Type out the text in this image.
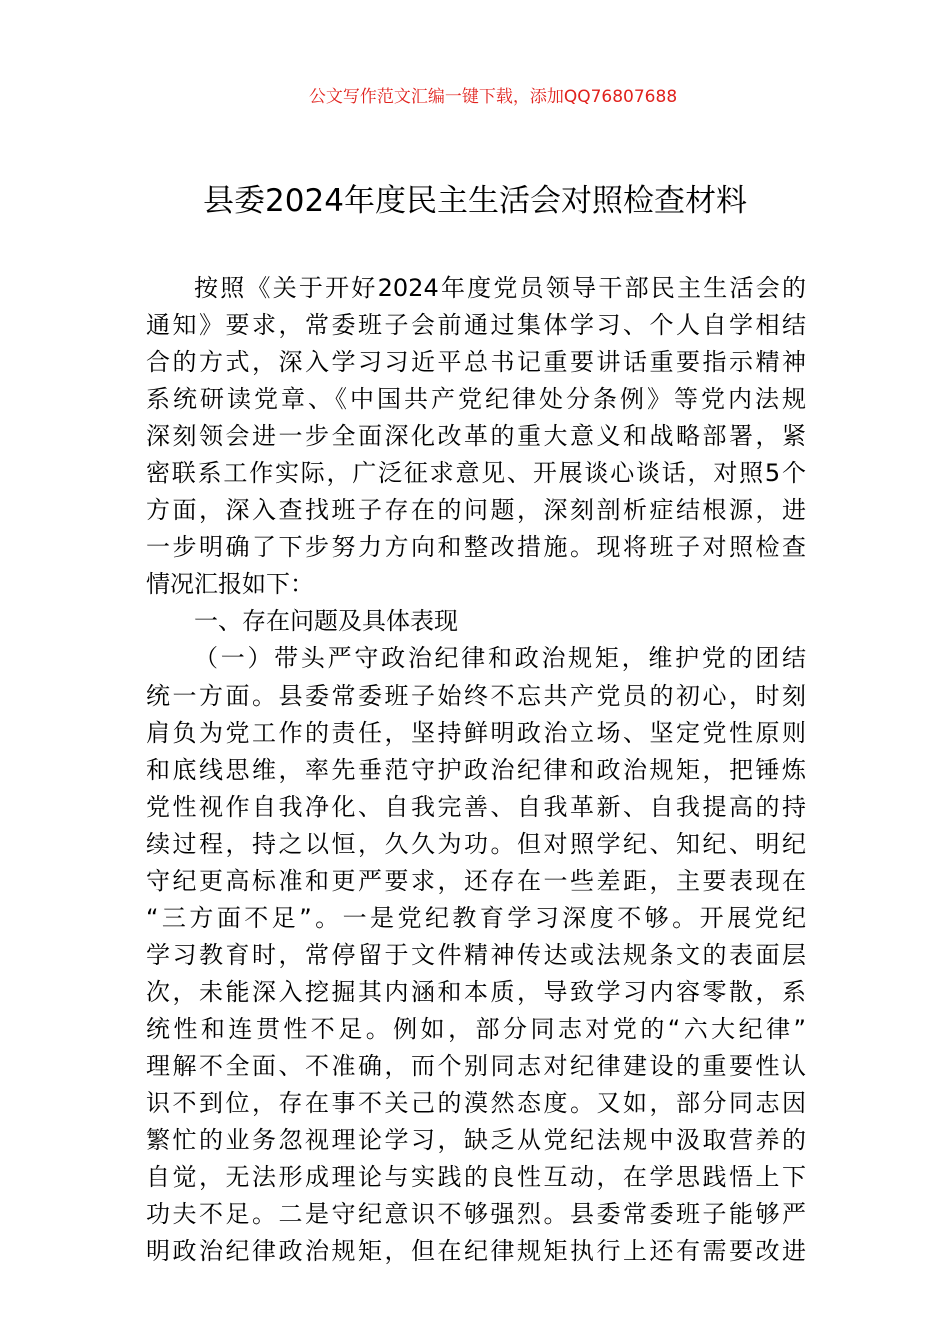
公文写作范文汇编一键下载，添加QQ76807688
县委2024年度民主生活会对照检查材料
按照《关于开好2024年度党员领导干部民主生活会的
通知》要求，常委班子会前通过集体学习、个人自学相结
合的方式，深入学习习近平总书记重要讲话重要指示精神
系统研读党章、《中国共产党纪律处分条例》等党内法规
深刻领会进一步全面深化改革的重大意义和战略部署，紧
密联系工作实际，广泛征求意见、开展谈心谈话，对照5个
方面，深入查找班子存在的问题，深刻剖析症结根源，进
一步明确了下步努力方向和整改措施。现将班子对照检查
情况汇报如下：
一、存在问题及具体表现
（一）带头严守政治纪律和政治规矩，维护党的团结
统一方面。县委常委班子始终不忘共产党员的初心，时刻
肩负为党工作的责任，坚持鲜明政治立场、坚定党性原则
和底线思维，率先垂范守护政治纪律和政治规矩，把锤炼
党性视作自我净化、自我完善、自我革新、自我提高的持
续过程，持之以恒，久久为功。但对照学纪、知纪、明纪
守纪更高标准和更严要求，还存在一些差距，主要表现在
“三方面不足”。一是党纪教育学习深度不够。开展党纪
学习教育时，常停留于文件精神传达或法规条文的表面层
次，未能深入挖掘其内涵和本质，导致学习内容零散，系
统性和连贯性不足。例如，部分同志对党的“六大纪律”
理解不全面、不准确，而个别同志对纪律建设的重要性认
识不到位，存在事不关己的漠然态度。又如，部分同志因
繁忙的业务忽视理论学习，缺乏从党纪法规中汲取营养的
自觉，无法形成理论与实践的良性互动，在学思践悟上下
功夫不足。二是守纪意识不够强烈。县委常委班子能够严
明政治纪律政治规矩，但在纪律规矩执行上还有需要改进
